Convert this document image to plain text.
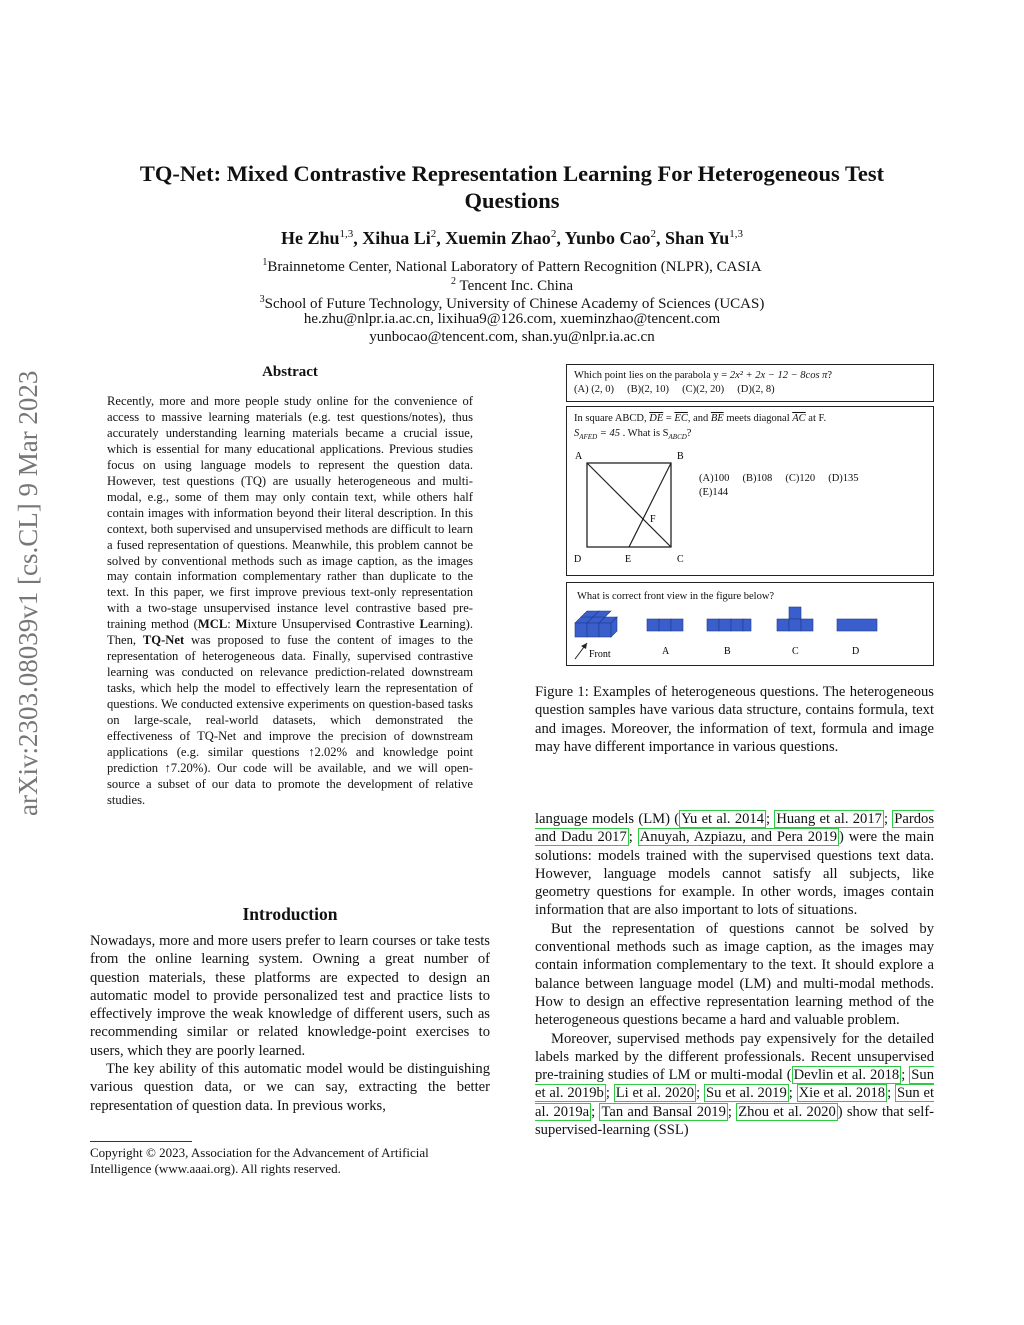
arXiv:2303.08039v1 [cs.CL] 9 Mar 2023
TQ-Net: Mixed Contrastive Representation Learning For Heterogeneous Test
Questions
He Zhu$^{1,3}$, Xihua Li$^2$, Xuemin Zhao$^2$, Yunbo Cao$^2$, Shan Yu$^{1,3}$
$^1$Brainnetome Center, National Laboratory of Pattern Recognition (NLPR), CASIA
$^2$ Tencent Inc. China
$^3$School of Future Technology, University of Chinese Academy of Sciences (UCAS)
he.zhu@nlpr.ia.ac.cn, lixihua9@126.com, xueminzhao@tencent.com
yunbocao@tencent.com, shan.yu@nlpr.ia.ac.cn
Abstract
Recently, more and more people study online for the convenience of access to massive learning materials (e.g. test questions/notes), thus accurately understanding learning materials became a crucial issue, which is essential for many educational applications. Previous studies focus on using language models to represent the question data. However, test questions (TQ) are usually heterogeneous and multi-modal, e.g., some of them may only contain text, while others half contain images with information beyond their literal description. In this context, both supervised and unsupervised methods are difficult to learn a fused representation of questions. Meanwhile, this problem cannot be solved by conventional methods such as image caption, as the images may contain information complementary rather than duplicate to the text. In this paper, we first improve previous text-only representation with a two-stage unsupervised instance level contrastive based pre-training method (MCL: Mixture Unsupervised Contrastive Learning). Then, TQ-Net was proposed to fuse the content of images to the representation of heterogeneous data. Finally, supervised contrastive learning was conducted on relevance prediction-related downstream tasks, which help the model to effectively learn the representation of questions. We conducted extensive experiments on question-based tasks on large-scale, real-world datasets, which demonstrated the effectiveness of TQ-Net and improve the precision of downstream applications (e.g. similar questions ↑2.02% and knowledge point prediction ↑7.20%). Our code will be available, and we will open-source a subset of our data to promote the development of relative studies.
Introduction

Nowadays, more and more users prefer to learn courses or take tests from the online learning system. Owning a great number of question materials, these platforms are expected to design an automatic model to provide personalized test and practice lists to effectively improve the weak knowledge of different users, such as recommending similar or related knowledge-point exercises to users, which they are poorly learned.

The key ability of this automatic model would be distinguishing various question data, or we can say, extracting the better representation of question data. In previous works,

Copyright © 2023, Association for the Advancement of Artificial Intelligence (www.aaai.org). All rights reserved.
Which point lies on the parabola y = 2x² + 2x − 12 − 8cos π?
(A) (2, 0)     (B)(2, 10)     (C)(2, 20)     (D)(2, 8)
In square ABCD, $\overline{DE} = \overline{EC}$, and $\overline{BE}$ meets diagonal $\overline{AC}$ at F.
$S_{AFED} = 45$ . What is $S_{ABCD}$?
A	B
C
D	E
F
(A)100     (B)108     (C)120     (D)135
(E)144
What is correct front view in the figure below?
Front	A	B	C	D
Figure 1: Examples of heterogeneous questions. The heterogeneous question samples have various data structure, contains formula, text and images. Moreover, the information of text, formula and image may have different importance in various questions.

language models (LM) ( Yu et al. 2014 ; Huang et al. 2017 ; Pardos and Dadu 2017 ; Anuyah, Azpiazu, and Pera 2019 ) were the main solutions: models trained with the supervised questions text data. However, language models cannot satisfy all subjects, like geometry questions for example. In other words, images contain information that are also important to lots of situations.

But the representation of questions cannot be solved by conventional methods such as image caption, as the images may contain information complementary to the text. It should explore a balance between language model (LM) and multi-modal methods. How to design an effective representation learning method of the heterogeneous questions became a hard and valuable problem.

Moreover, supervised methods pay expensively for the detailed labels marked by the different professionals. Recent unsupervised pre-training studies of LM or multi-modal ( Devlin et al. 2018 ; Sun et al. 2019b ; Li et al. 2020 ; Su et al. 2019 ; Xie et al. 2018 ; Sun et al. 2019a ; Tan and Bansal 2019 ; Zhou et al. 2020 ) show that self-supervised-learning (SSL)
